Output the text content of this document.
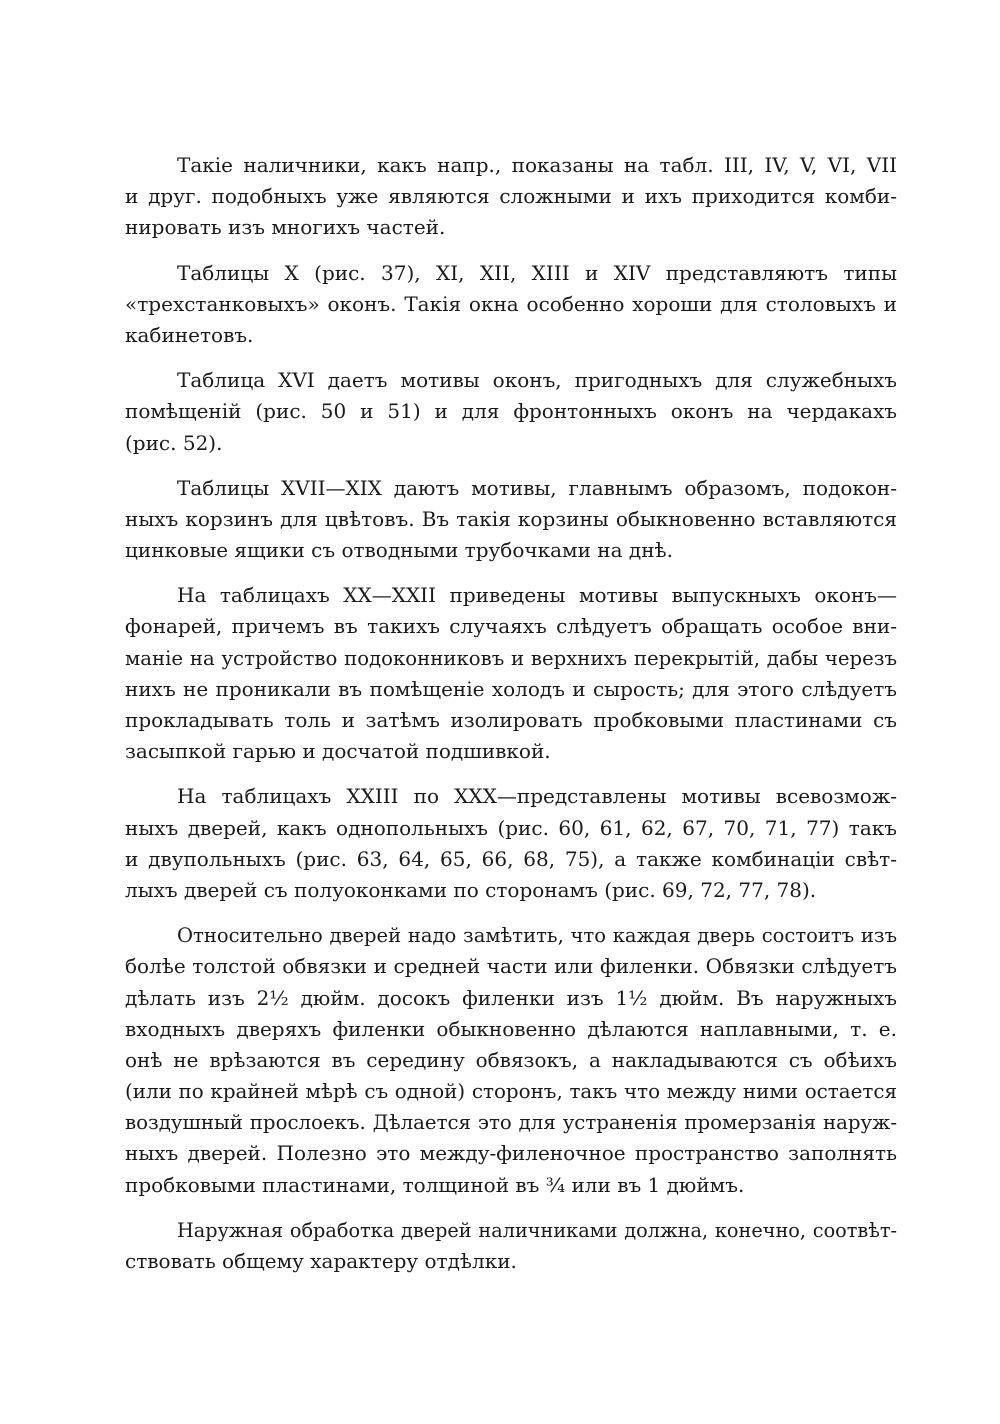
Такіе наличники, какъ напр., показаны на табл. III, IV, V, VI, VII
и друг. подобныхъ уже являются сложными и ихъ приходится комби-
нировать изъ многихъ частей.

Таблицы X (рис. 37), XI, XII, XIII и XIV представляютъ типы
«трехстанковыхъ» оконъ. Такія окна особенно хороши для столовыхъ и
кабинетовъ.

Таблица XVI даетъ мотивы оконъ, пригодныхъ для служебныхъ
помѣщеній (рис. 50 и 51) и для фронтонныхъ оконъ на чердакахъ
(рис. 52).

Таблицы XVII—XIX даютъ мотивы, главнымъ образомъ, подокон-
ныхъ корзинъ для цвѣтовъ. Въ такія корзины обыкновенно вставляются
цинковые ящики съ отводными трубочками на днѣ.

На таблицахъ XX—XXII приведены мотивы выпускныхъ оконъ—
фонарей, причемъ въ такихъ случаяхъ слѣдуетъ обращать особое вни-
маніе на устройство подоконниковъ и верхнихъ перекрытій, дабы черезъ
нихъ не проникали въ помѣщеніе холодъ и сырость; для этого слѣдуетъ
прокладывать толь и затѣмъ изолировать пробковыми пластинами съ
засыпкой гарью и досчатой подшивкой.

На таблицахъ XXIII по XXX—представлены мотивы всевозмож-
ныхъ дверей, какъ однопольныхъ (рис. 60, 61, 62, 67, 70, 71, 77) такъ
и двупольныхъ (рис. 63, 64, 65, 66, 68, 75), а также комбинаціи свѣт-
лыхъ дверей съ полуоконками по сторонамъ (рис. 69, 72, 77, 78).

Относительно дверей надо замѣтить, что каждая дверь состоитъ изъ
болѣе толстой обвязки и средней части или филенки. Обвязки слѣдуетъ
дѣлать изъ 2½ дюйм. досокъ филенки изъ 1½ дюйм. Въ наружныхъ
входныхъ дверяхъ филенки обыкновенно дѣлаются наплавными, т. е.
онѣ не врѣзаются въ середину обвязокъ, а накладываются съ обѣихъ
(или по крайней мѣрѣ съ одной) сторонъ, такъ что между ними остается
воздушный прослоекъ. Дѣлается это для устраненія промерзанія наруж-
ныхъ дверей. Полезно это между-филеночное пространство заполнять
пробковыми пластинами, толщиной въ ¾ или въ 1 дюймъ.

Наружная обработка дверей наличниками должна, конечно, соотвѣт-
ствовать общему характеру отдѣлки.
